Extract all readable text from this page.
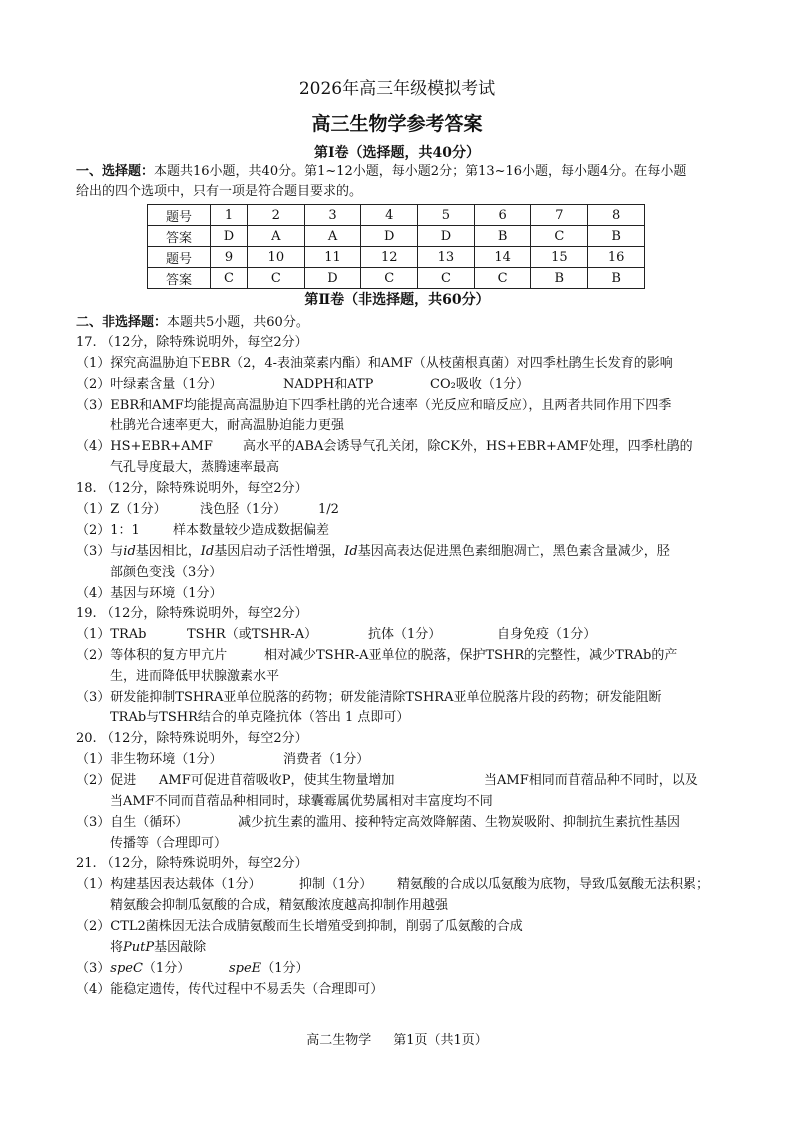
2026年高三年级模拟考试
高三生物学参考答案
第Ⅰ卷（选择题，共40分）
一、选择题：本题共16小题，共40分。第1~12小题，每小题2分；第13~16小题，每小题4分。在每小题
给出的四个选项中，只有一项是符合题目要求的。
题号	1	2	3	4	5	6	7	8
答案	D	A	A	D	D	B	C	B
题号	9	10	11	12	13	14	15	16
答案	C	C	D	C	C	C	B	B
第Ⅱ卷（非选择题，共60分）
二、非选择题：本题共5小题，共60分。
17. （12分，除特殊说明外，每空2分）
（1）探究高温胁迫下EBR（2，4-表油菜素内酯）和AMF（从枝菌根真菌）对四季杜鹃生长发育的影响
（2）叶绿素含量（1分）	NADPH和ATP	CO₂吸收（1分）
（3）EBR和AMF均能提高高温胁迫下四季杜鹃的光合速率（光反应和暗反应），且两者共同作用下四季
杜鹃光合速率更大，耐高温胁迫能力更强
（4）HS+EBR+AMF 高水平的ABA会诱导气孔关闭，除CK外，HS+EBR+AMF处理，四季杜鹃的
气孔导度最大，蒸腾速率最高
18. （12分，除特殊说明外，每空2分）
（1）Z（1分）	浅色胫（1分） 1/2
（2）1：1	样本数量较少造成数据偏差
（3）与id基因相比，Id基因启动子活性增强，Id基因高表达促进黑色素细胞凋亡，黑色素含量减少，胫
部颜色变浅（3分）
（4）基因与环境（1分）
19. （12分，除特殊说明外，每空2分）
（1）TRAb	TSHR（或TSHR-A）	抗体（1分）	自身免疫（1分）
（2）等体积的复方甲亢片	相对减少TSHR-A亚单位的脱落，保护TSHR的完整性，减少TRAb的产
生，进而降低甲状腺激素水平
（3）研发能抑制TSHRA亚单位脱落的药物；研发能清除TSHRA亚单位脱落片段的药物；研发能阻断
TRAb与TSHR结合的单克隆抗体（答出 1 点即可）
20. （12分，除特殊说明外，每空2分）
（1）非生物环境（1分）	消费者（1分）
（2）促进 AMF可促进苜蓿吸收P，使其生物量增加	当AMF相同而苜蓿品种不同时，以及
当AMF不同而苜蓿品种相同时，球囊霉属优势属相对丰富度均不同
（3）自生（循环）	减少抗生素的滥用、接种特定高效降解菌、生物炭吸附、抑制抗生素抗性基因
传播等（合理即可）
21. （12分，除特殊说明外，每空2分）
（1）构建基因表达载体（1分）	抑制（1分） 精氨酸的合成以瓜氨酸为底物，导致瓜氨酸无法积累；
精氨酸会抑制瓜氨酸的合成，精氨酸浓度越高抑制作用越强
（2）CTL2菌株因无法合成腈氨酸而生长增殖受到抑制，削弱了瓜氨酸的合成
将PutP基因敲除
（3）speC（1分）	speE（1分）
（4）能稳定遗传，传代过程中不易丢失（合理即可）
高二生物学 第1页（共1页）
